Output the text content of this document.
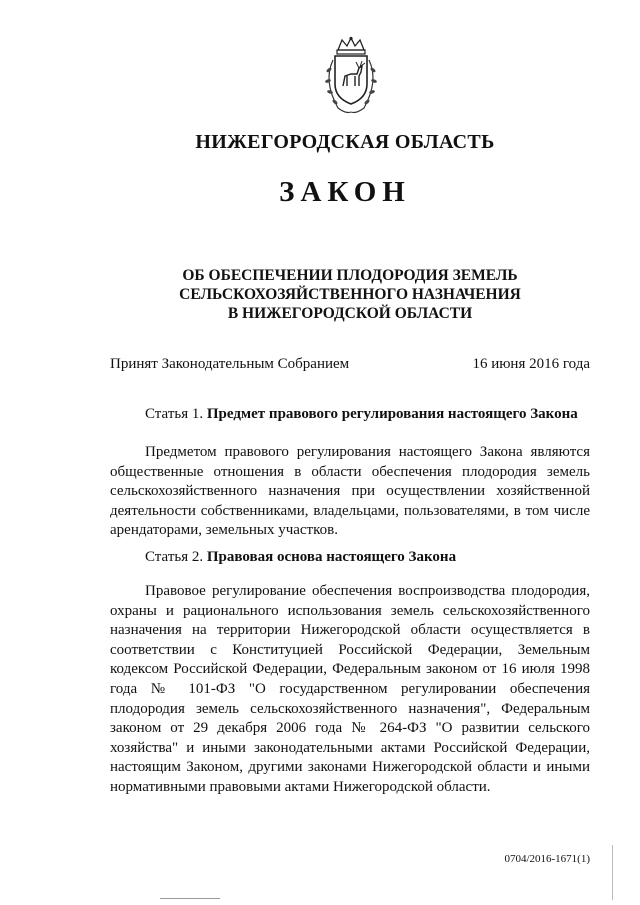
НИЖЕГОРОДСКАЯ ОБЛАСТЬ
ЗАКОН
ОБ ОБЕСПЕЧЕНИИ ПЛОДОРОДИЯ ЗЕМЕЛЬ
СЕЛЬСКОХОЗЯЙСТВЕННОГО НАЗНАЧЕНИЯ
В НИЖЕГОРОДСКОЙ ОБЛАСТИ
Принят Законодательным Собранием	16 июня 2016 года
Статья 1. Предмет правового регулирования настоящего Закона

Предметом правового регулирования настоящего Закона являются общественные отношения в области обеспечения плодородия земель сельскохозяйственного назначения при осуществлении хозяйственной деятельности собственниками, владельцами, пользователями, в том числе арендаторами, земельных участков.

Статья 2. Правовая основа настоящего Закона

Правовое регулирование обеспечения воспроизводства плодородия, охраны и рационального использования земель сельскохозяйственного назначения на территории Нижегородской области осуществляется в соответствии с Конституцией Российской Федерации, Земельным кодексом Российской Федерации, Федеральным законом от 16 июля 1998 года № 101-ФЗ "О государственном регулировании обеспечения плодородия земель сельскохозяйственного назначения", Федеральным законом от 29 декабря 2006 года № 264-ФЗ "О развитии сельского хозяйства" и иными законодательными актами Российской Федерации, настоящим Законом, другими законами Нижегородской области и иными нормативными правовыми актами Нижегородской области.

0704/2016-1671(1)
